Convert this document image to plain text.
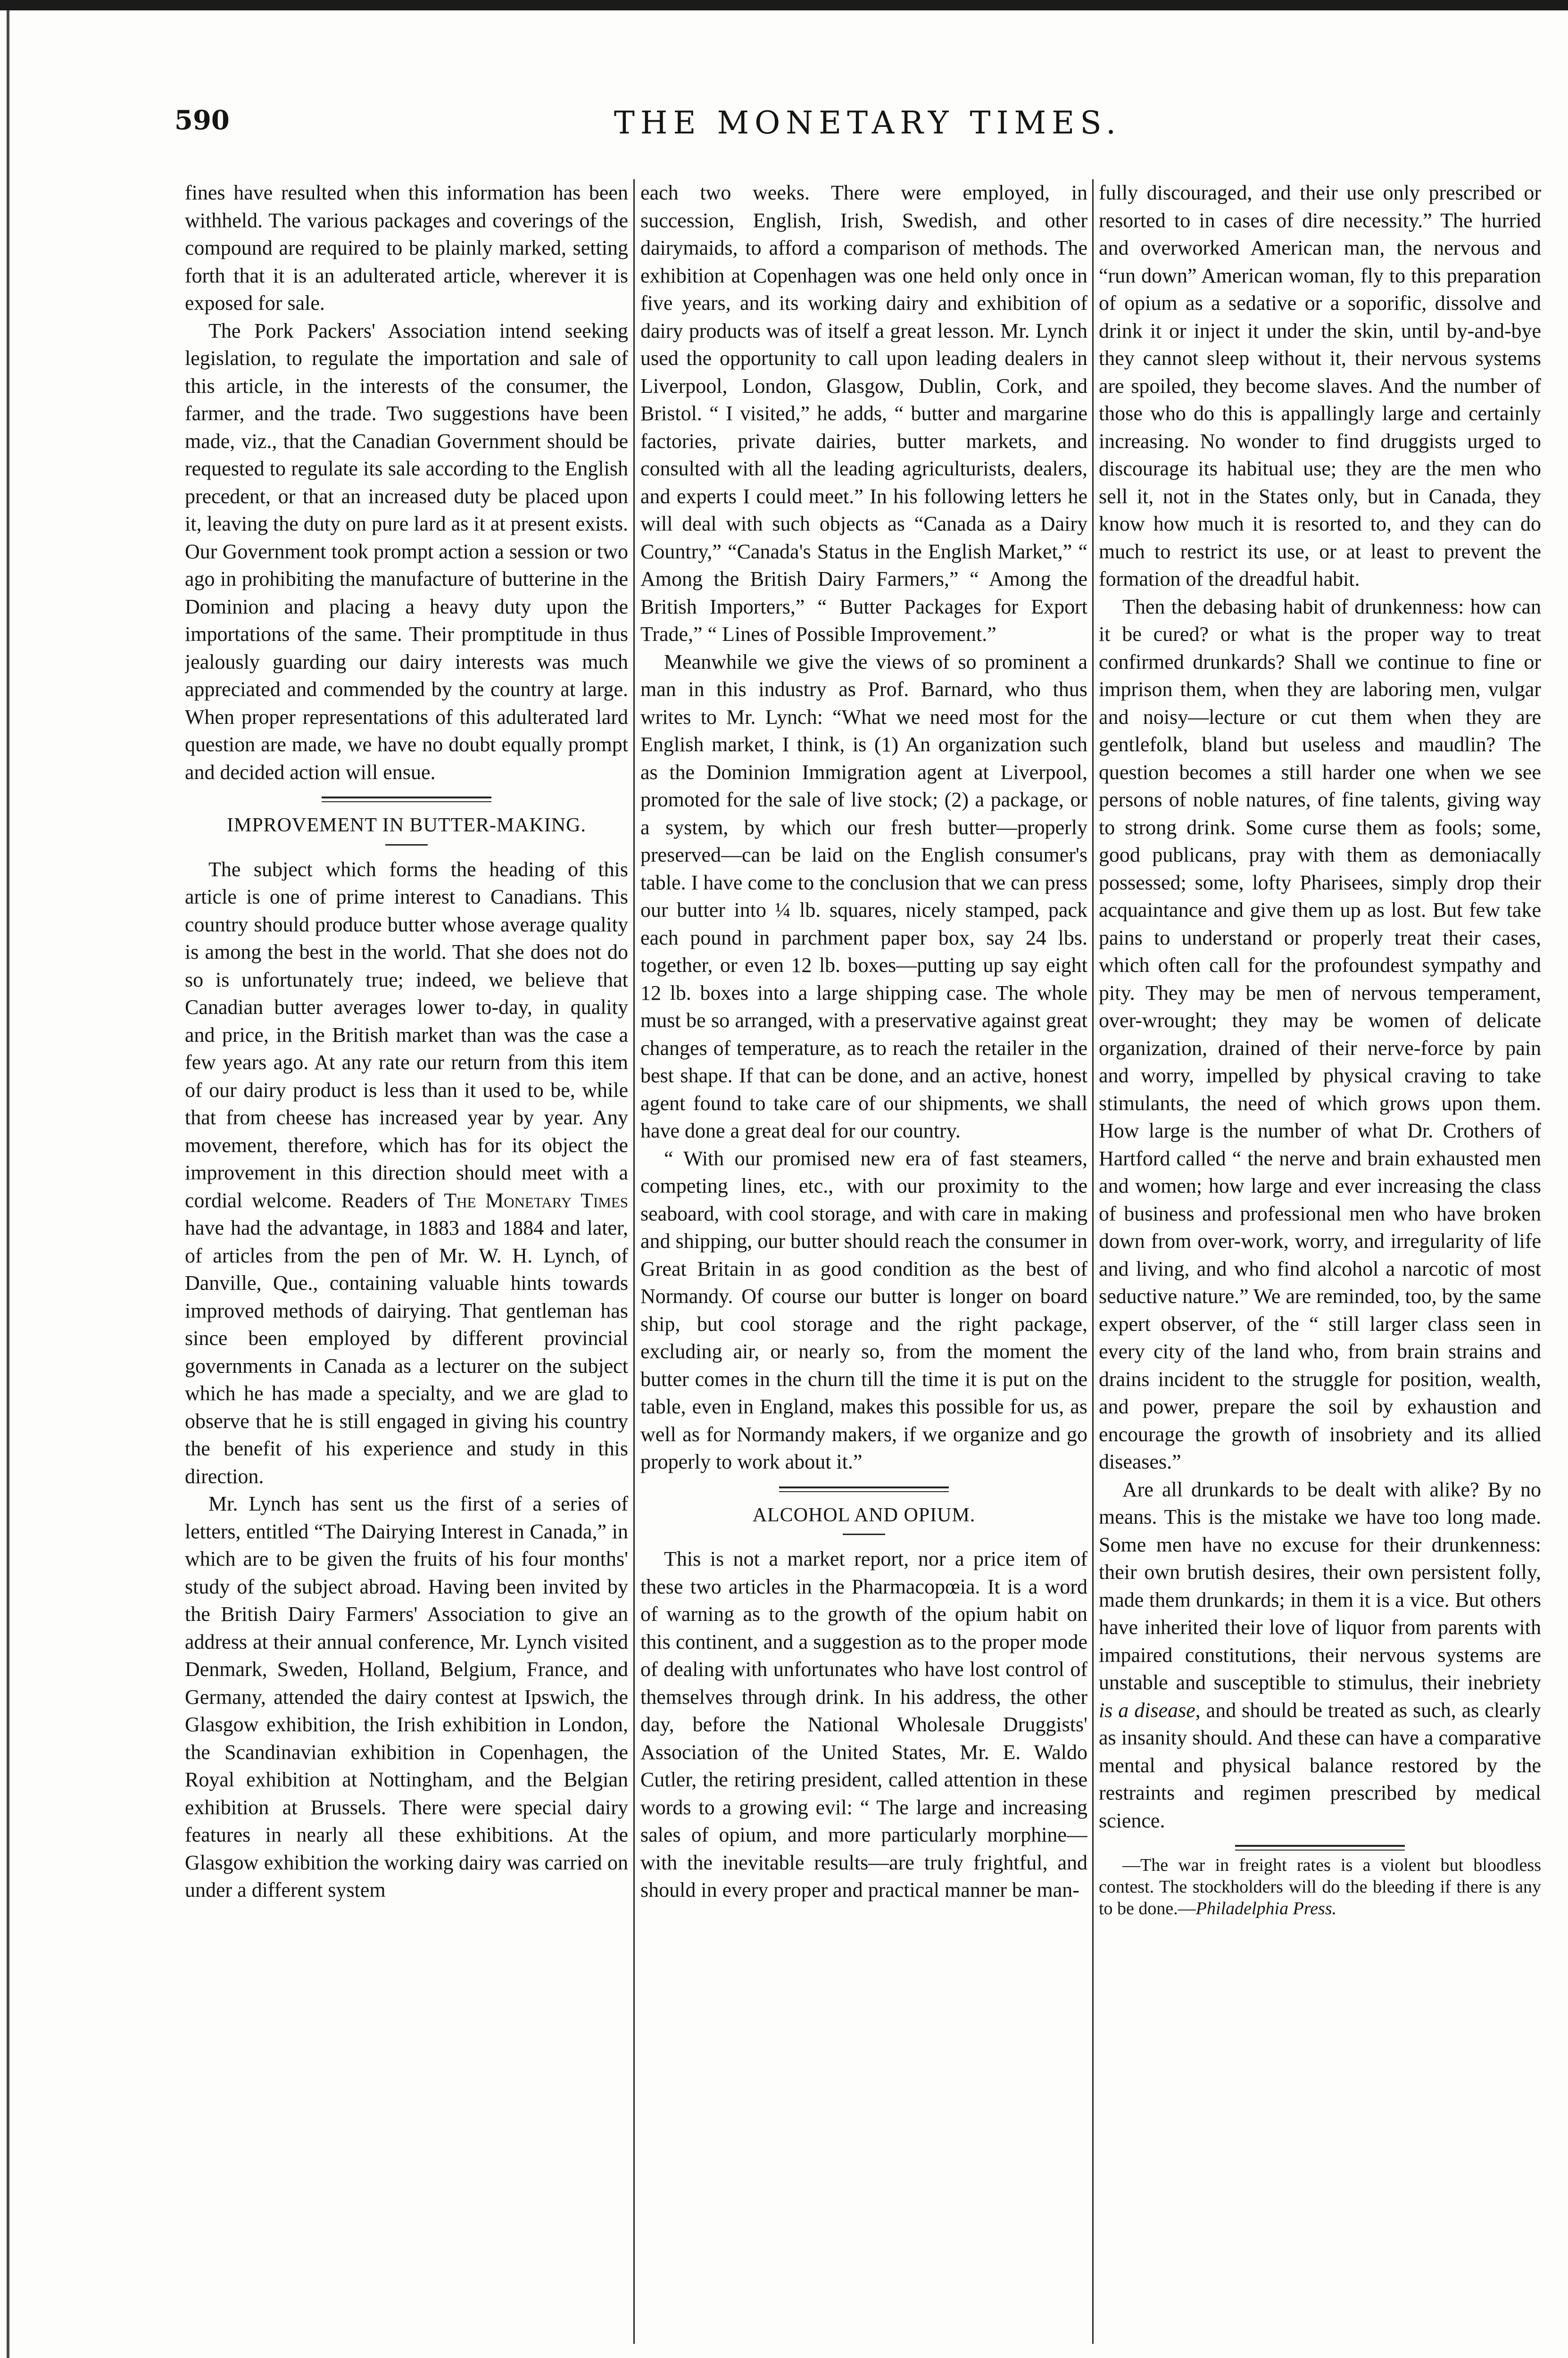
590	THE MONETARY TIMES.

fines have resulted when this information has been withheld. The various packages and coverings of the compound are required to be plainly marked, setting forth that it is an adulterated article, wherever it is exposed for sale.

The Pork Packers' Association intend seeking legislation, to regulate the importation and sale of this article, in the interests of the consumer, the farmer, and the trade. Two suggestions have been made, viz., that the Canadian Government should be requested to regulate its sale according to the English precedent, or that an increased duty be placed upon it, leaving the duty on pure lard as it at present exists. Our Government took prompt action a session or two ago in prohibiting the manufacture of butterine in the Dominion and placing a heavy duty upon the importations of the same. Their promptitude in thus jealously guarding our dairy interests was much appreciated and commended by the country at large. When proper representations of this adulterated lard question are made, we have no doubt equally prompt and decided action will ensue.

IMPROVEMENT IN BUTTER-MAKING.

The subject which forms the heading of this article is one of prime interest to Canadians. This country should produce butter whose average quality is among the best in the world. That she does not do so is unfortunately true; indeed, we believe that Canadian butter averages lower to-day, in quality and price, in the British market than was the case a few years ago. At any rate our return from this item of our dairy product is less than it used to be, while that from cheese has increased year by year. Any movement, therefore, which has for its object the improvement in this direction should meet with a cordial welcome. Readers of The Monetary Times have had the advantage, in 1883 and 1884 and later, of articles from the pen of Mr. W. H. Lynch, of Danville, Que., containing valuable hints towards improved methods of dairying. That gentleman has since been employed by different provincial governments in Canada as a lecturer on the subject which he has made a specialty, and we are glad to observe that he is still engaged in giving his country the benefit of his experience and study in this direction.

Mr. Lynch has sent us the first of a series of letters, entitled “The Dairying Interest in Canada,” in which are to be given the fruits of his four months' study of the subject abroad. Having been invited by the British Dairy Farmers' Association to give an address at their annual conference, Mr. Lynch visited Denmark, Sweden, Holland, Belgium, France, and Germany, attended the dairy contest at Ipswich, the Glasgow exhibition, the Irish exhibition in London, the Scandinavian exhibition in Copenhagen, the Royal exhibition at Nottingham, and the Belgian exhibition at Brussels. There were special dairy features in nearly all these exhibitions. At the Glasgow exhibition the working dairy was carried on under a different system

each two weeks. There were employed, in succession, English, Irish, Swedish, and other dairymaids, to afford a comparison of methods. The exhibition at Copenhagen was one held only once in five years, and its working dairy and exhibition of dairy products was of itself a great lesson. Mr. Lynch used the opportunity to call upon leading dealers in Liverpool, London, Glasgow, Dublin, Cork, and Bristol. “ I visited,” he adds, “ butter and margarine factories, private dairies, butter markets, and consulted with all the leading agriculturists, dealers, and experts I could meet.” In his following letters he will deal with such objects as “Canada as a Dairy Country,” “Canada's Status in the English Market,” “ Among the British Dairy Farmers,” “ Among the British Importers,” “ Butter Packages for Export Trade,” “ Lines of Possible Improvement.”

Meanwhile we give the views of so prominent a man in this industry as Prof. Barnard, who thus writes to Mr. Lynch: “What we need most for the English market, I think, is (1) An organization such as the Dominion Immigration agent at Liverpool, promoted for the sale of live stock; (2) a package, or a system, by which our fresh butter—properly preserved—can be laid on the English consumer's table. I have come to the conclusion that we can press our butter into ¼ lb. squares, nicely stamped, pack each pound in parchment paper box, say 24 lbs. together, or even 12 lb. boxes—putting up say eight 12 lb. boxes into a large shipping case. The whole must be so arranged, with a preservative against great changes of temperature, as to reach the retailer in the best shape. If that can be done, and an active, honest agent found to take care of our shipments, we shall have done a great deal for our country.

“ With our promised new era of fast steamers, competing lines, etc., with our proximity to the seaboard, with cool storage, and with care in making and shipping, our butter should reach the consumer in Great Britain in as good condition as the best of Normandy. Of course our butter is longer on board ship, but cool storage and the right package, excluding air, or nearly so, from the moment the butter comes in the churn till the time it is put on the table, even in England, makes this possible for us, as well as for Normandy makers, if we organize and go properly to work about it.”

ALCOHOL AND OPIUM.

This is not a market report, nor a price item of these two articles in the Pharmacopœia. It is a word of warning as to the growth of the opium habit on this continent, and a suggestion as to the proper mode of dealing with unfortunates who have lost control of themselves through drink. In his address, the other day, before the National Wholesale Druggists' Association of the United States, Mr. E. Waldo Cutler, the retiring president, called attention in these words to a growing evil: “ The large and increasing sales of opium, and more particularly morphine—with the inevitable results—are truly frightful, and should in every proper and practical manner be man-

fully discouraged, and their use only prescribed or resorted to in cases of dire necessity.” The hurried and overworked American man, the nervous and “run down” American woman, fly to this preparation of opium as a sedative or a soporific, dissolve and drink it or inject it under the skin, until by-and-bye they cannot sleep without it, their nervous systems are spoiled, they become slaves. And the number of those who do this is appallingly large and certainly increasing. No wonder to find druggists urged to discourage its habitual use; they are the men who sell it, not in the States only, but in Canada, they know how much it is resorted to, and they can do much to restrict its use, or at least to prevent the formation of the dreadful habit.

Then the debasing habit of drunkenness: how can it be cured? or what is the proper way to treat confirmed drunkards? Shall we continue to fine or imprison them, when they are laboring men, vulgar and noisy—lecture or cut them when they are gentlefolk, bland but useless and maudlin? The question becomes a still harder one when we see persons of noble natures, of fine talents, giving way to strong drink. Some curse them as fools; some, good publicans, pray with them as demoniacally possessed; some, lofty Pharisees, simply drop their acquaintance and give them up as lost. But few take pains to understand or properly treat their cases, which often call for the profoundest sympathy and pity. They may be men of nervous temperament, over-wrought; they may be women of delicate organization, drained of their nerve-force by pain and worry, impelled by physical craving to take stimulants, the need of which grows upon them. How large is the number of what Dr. Crothers of Hartford called “ the nerve and brain exhausted men and women; how large and ever increasing the class of business and professional men who have broken down from over-work, worry, and irregularity of life and living, and who find alcohol a narcotic of most seductive nature.” We are reminded, too, by the same expert observer, of the “ still larger class seen in every city of the land who, from brain strains and drains incident to the struggle for position, wealth, and power, prepare the soil by exhaustion and encourage the growth of insobriety and its allied diseases.”

Are all drunkards to be dealt with alike? By no means. This is the mistake we have too long made. Some men have no excuse for their drunkenness: their own brutish desires, their own persistent folly, made them drunkards; in them it is a vice. But others have inherited their love of liquor from parents with impaired constitutions, their nervous systems are unstable and susceptible to stimulus, their inebriety is a disease, and should be treated as such, as clearly as insanity should. And these can have a comparative mental and physical balance restored by the restraints and regimen prescribed by medical science.

—The war in freight rates is a violent but bloodless contest. The stockholders will do the bleeding if there is any to be done.—Philadelphia Press.
